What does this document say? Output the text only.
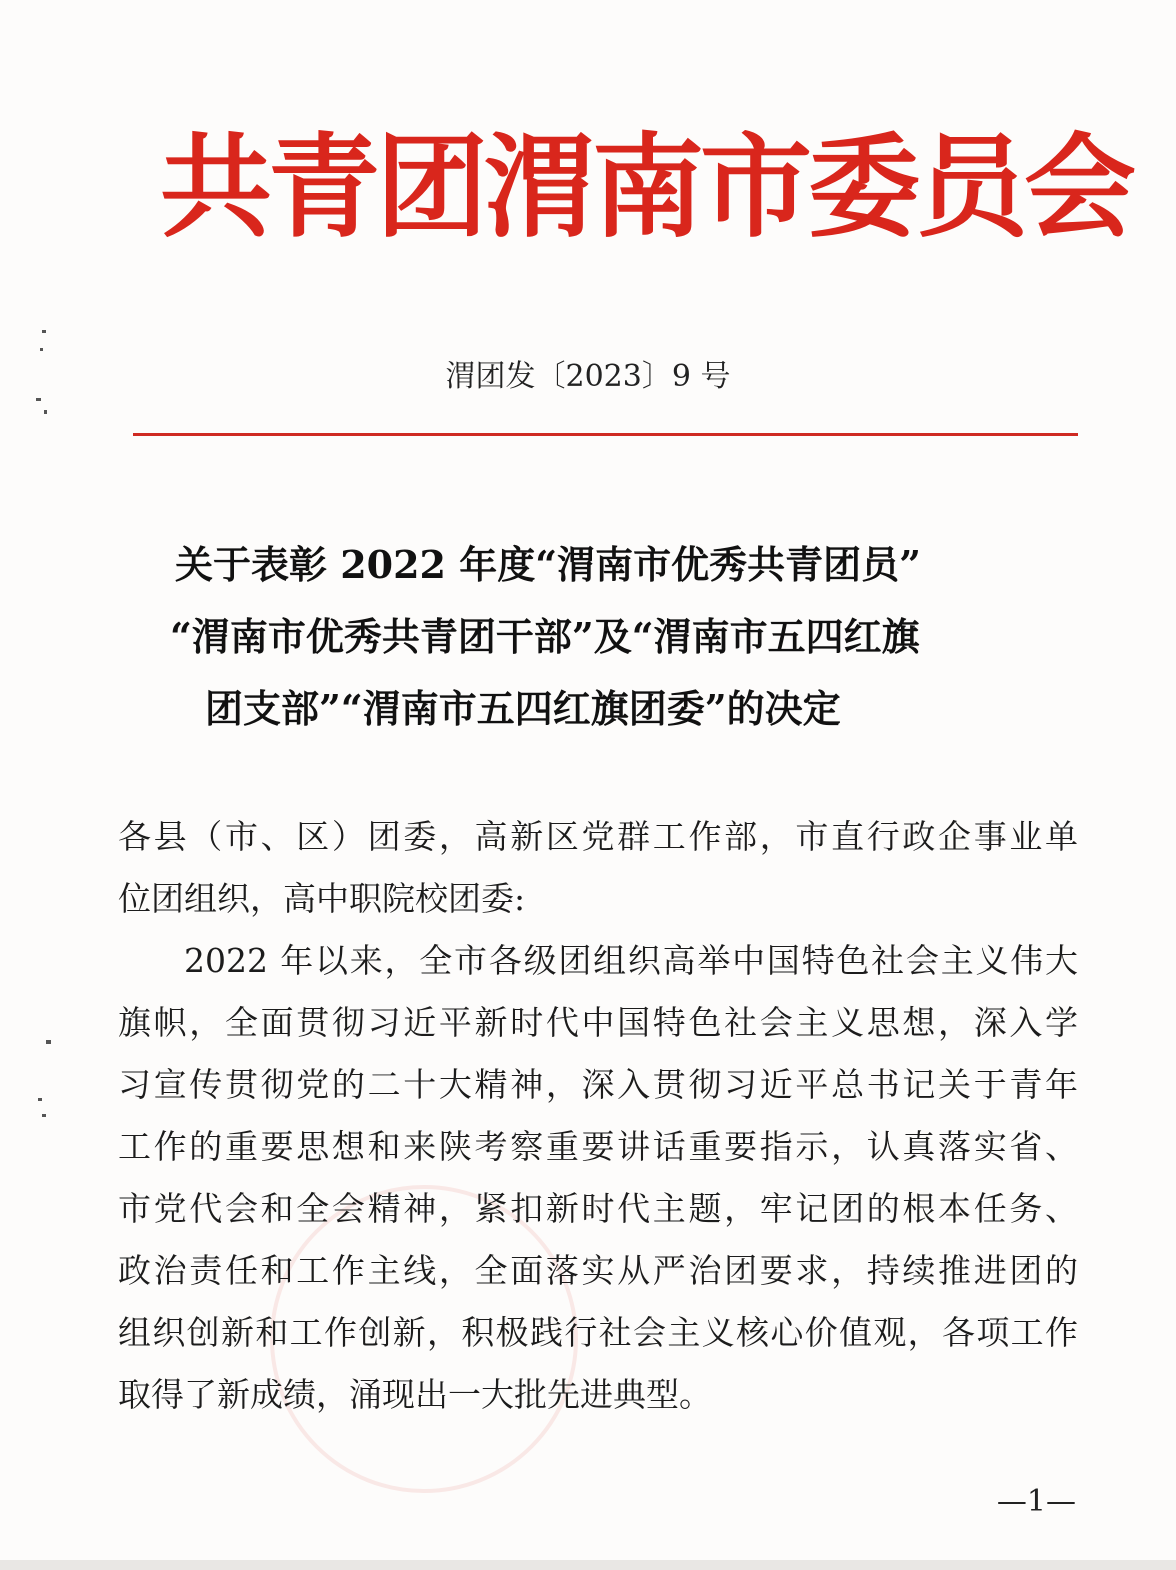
共青团渭南市委员会
渭团发〔2023〕9 号
关于表彰 2022 年度“渭南市优秀共青团员”
“渭南市优秀共青团干部”及“渭南市五四红旗
团支部”“渭南市五四红旗团委”的决定
各县（市、区）团委，高新区党群工作部，市直行政企事业单
位团组织，高中职院校团委:
2022 年以来，全市各级团组织高举中国特色社会主义伟大
旗帜，全面贯彻习近平新时代中国特色社会主义思想，深入学
习宣传贯彻党的二十大精神，深入贯彻习近平总书记关于青年
工作的重要思想和来陕考察重要讲话重要指示，认真落实省、
市党代会和全会精神，紧扣新时代主题，牢记团的根本任务、
政治责任和工作主线，全面落实从严治团要求，持续推进团的
组织创新和工作创新，积极践行社会主义核心价值观，各项工作
取得了新成绩，涌现出一大批先进典型。
—1—
